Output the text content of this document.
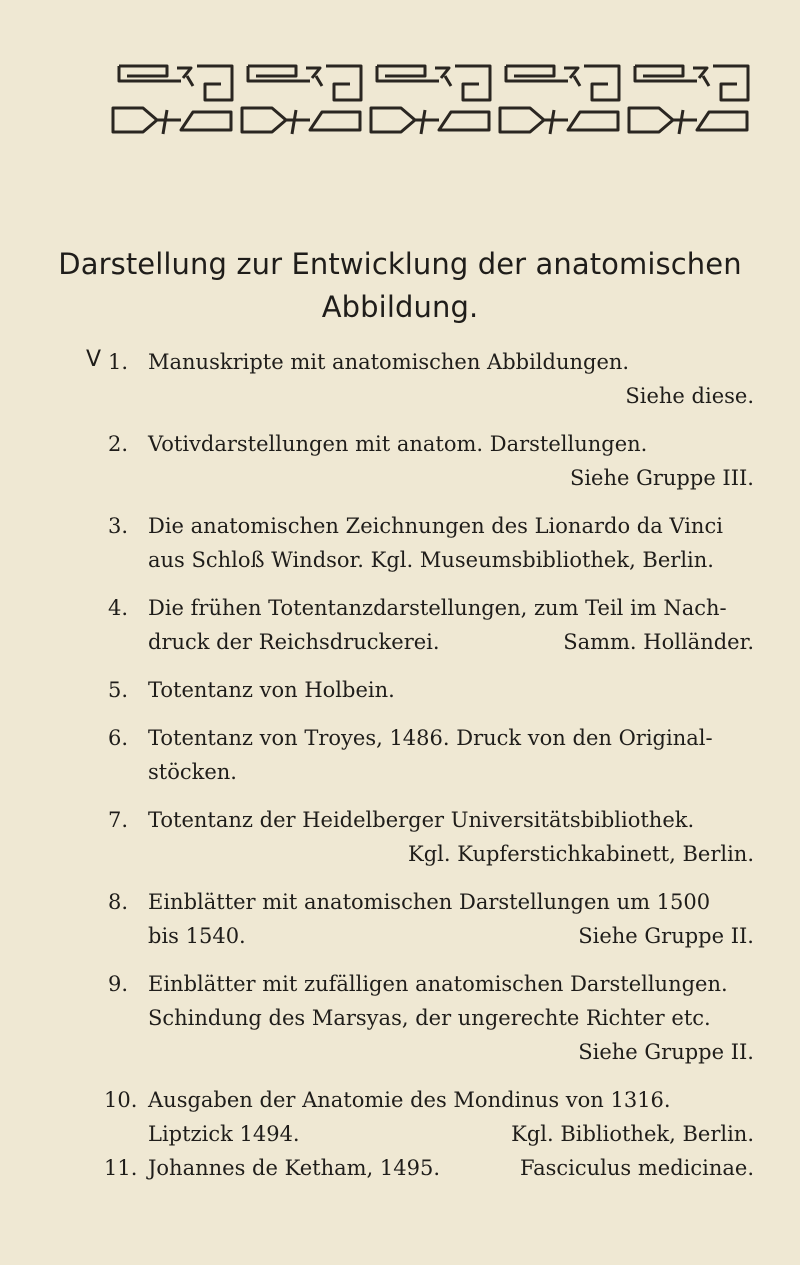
Darstellung zur Entwicklung der anatomischen
Abbildung.
V 1. Manuskripte mit anatomischen Abbildungen.
Siehe diese.
2. Votivdarstellungen mit anatom. Darstellungen.
Siehe Gruppe III.
3. Die anatomischen Zeichnungen des Lionardo da Vinci
aus Schloß Windsor. Kgl. Museumsbibliothek, Berlin.
4. Die frühen Totentanzdarstellungen, zum Teil im Nach-
druck der Reichsdruckerei.	Samm. Holländer.
5. Totentanz von Holbein.
6. Totentanz von Troyes, 1486. Druck von den Original-
stöcken.
7. Totentanz der Heidelberger Universitätsbibliothek.
Kgl. Kupferstichkabinett, Berlin.
8. Einblätter mit anatomischen Darstellungen um 1500
bis 1540.	Siehe Gruppe II.
9. Einblätter mit zufälligen anatomischen Darstellungen.
Schindung des Marsyas, der ungerechte Richter etc.
Siehe Gruppe II.
10. Ausgaben der Anatomie des Mondinus von 1316.
Liptzick 1494.	Kgl. Bibliothek, Berlin.
11. Johannes de Ketham, 1495.	Fasciculus medicinae.
